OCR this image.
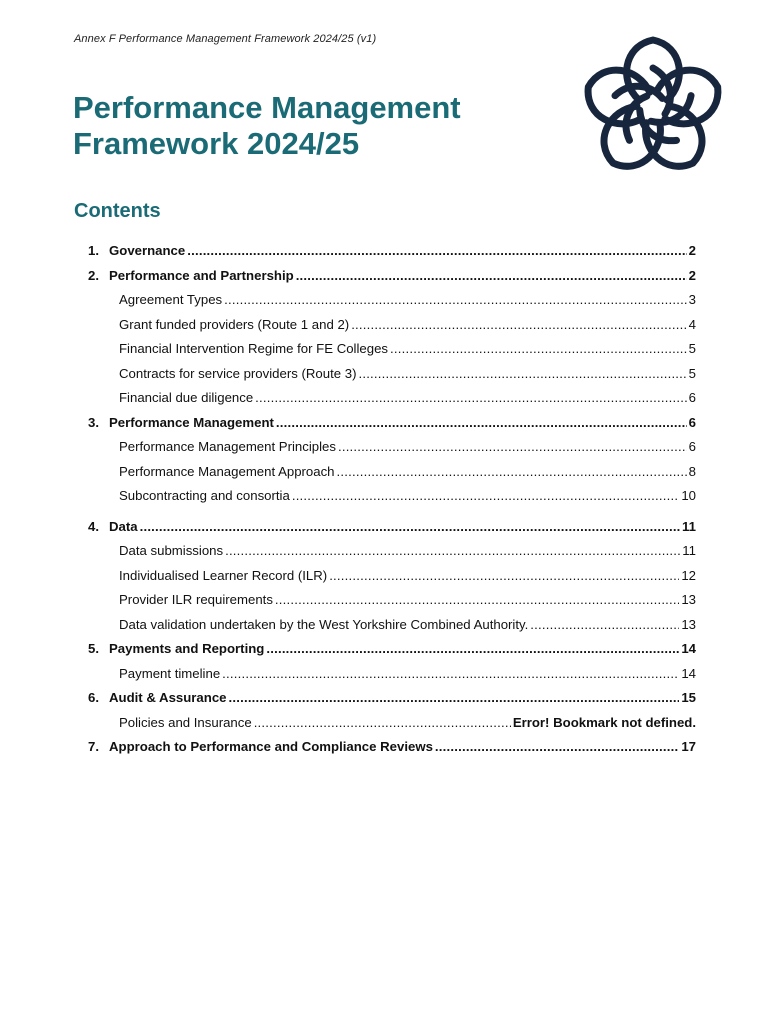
Annex F Performance Management Framework 2024/25 (v1)
Performance Management
Framework 2024/25
Contents
1. Governance .....	2
2. Performance and Partnership .....	2
Agreement Types .....	3
Grant funded providers (Route 1 and 2) .....	4
Financial Intervention Regime for FE Colleges .....	5
Contracts for service providers (Route 3) .....	5
Financial due diligence .....	6
3. Performance Management .....	6
Performance Management Principles .....	6
Performance Management Approach .....	8
Subcontracting and consortia .....	10
4. Data .....	11
Data submissions .....	11
Individualised Learner Record (ILR) .....	12
Provider ILR requirements .....	13
Data validation undertaken by the West Yorkshire Combined Authority. .....	13
5. Payments and Reporting .....	14
Payment timeline .....	14
6. Audit & Assurance .....	15
Policies and Insurance .....	Error! Bookmark not defined.
7. Approach to Performance and Compliance Reviews .....	17
